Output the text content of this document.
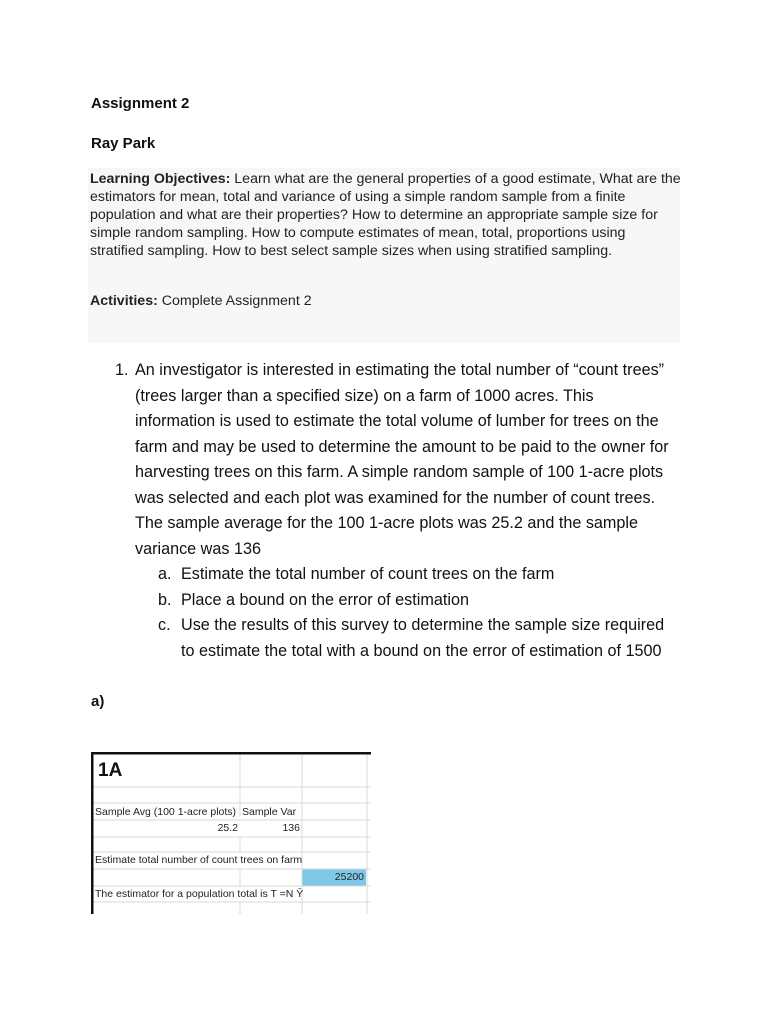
Assignment 2
Ray Park

Learning Objectives: Learn what are the general properties of a good estimate, What are the estimators for mean, total and variance of using a simple random sample from a finite population and what are their properties? How to determine an appropriate sample size for simple random sampling. How to compute estimates of mean, total, proportions using stratified sampling. How to best select sample sizes when using stratified sampling.

Activities: Complete Assignment 2

1. An investigator is interested in estimating the total number of “count trees” (trees larger than a specified size) on a farm of 1000 acres. This information is used to estimate the total volume of lumber for trees on the farm and may be used to determine the amount to be paid to the owner for harvesting trees on this farm. A simple random sample of 100 1-acre plots was selected and each plot was examined for the number of count trees. The sample average for the 100 1-acre plots was 25.2 and the sample variance was 136
a. Estimate the total number of count trees on the farm
b. Place a bound on the error of estimation
c. Use the results of this survey to determine the sample size required to estimate the total with a bound on the error of estimation of 1500
a)
1A
Sample Avg (100 1-acre plots) Sample Var
25.2	136
Estimate total number of count trees on farm
25200
The estimator for a population total is T =N Ȳ
